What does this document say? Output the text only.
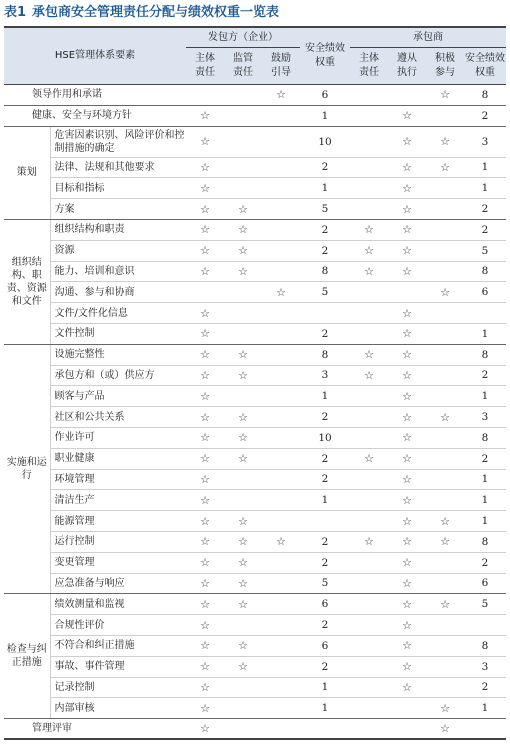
表1 承包商安全管理责任分配与绩效权重一览表
HSE管理体系要素		发包方（企业）			安全绩效权重	承包商			
		主体责任	监管责任	鼓励引导		主体责任	遵从执行	积极参与	安全绩效权重
领导作用和承诺				☆	6			☆	8
健康、安全与环境方针		☆			1		☆		2
策划	危害因素识别、风险评价和控制措施的确定	☆			10		☆	☆	3
	法律、法规和其他要求	☆			2		☆	☆	1
	目标和指标	☆			1		☆		1
	方案	☆	☆		5		☆		2
组织结构、职责、资源和文件	组织结构和职责	☆	☆		2	☆	☆		2
	资源	☆	☆		2	☆	☆		5
	能力、培训和意识	☆	☆		8	☆	☆		8
	沟通、参与和协商			☆	5			☆	6
	文件/文件化信息	☆					☆		
	文件控制	☆			2		☆		1
实施和运行	设施完整性	☆	☆		8	☆	☆		8
	承包方和（或）供应方	☆	☆		3	☆	☆		2
	顾客与产品	☆			1		☆		1
	社区和公共关系	☆	☆		2		☆	☆	3
	作业许可	☆	☆		10		☆		8
	职业健康	☆	☆		2	☆	☆		2
	环境管理	☆			2		☆		1
	清洁生产	☆			1		☆		1
	能源管理	☆	☆				☆	☆	1
	运行控制	☆	☆	☆	2	☆	☆	☆	8
	变更管理	☆	☆		2		☆		2
	应急准备与响应	☆	☆		5		☆		6
检查与纠正措施	绩效测量和监视	☆	☆		6		☆	☆	5
	合规性评价	☆			2		☆		
	不符合和纠正措施	☆	☆		6		☆		8
	事故、事件管理	☆	☆		2		☆		3
	记录控制	☆			1		☆		2
	内部审核	☆			1			☆	1
管理评审		☆						☆	
